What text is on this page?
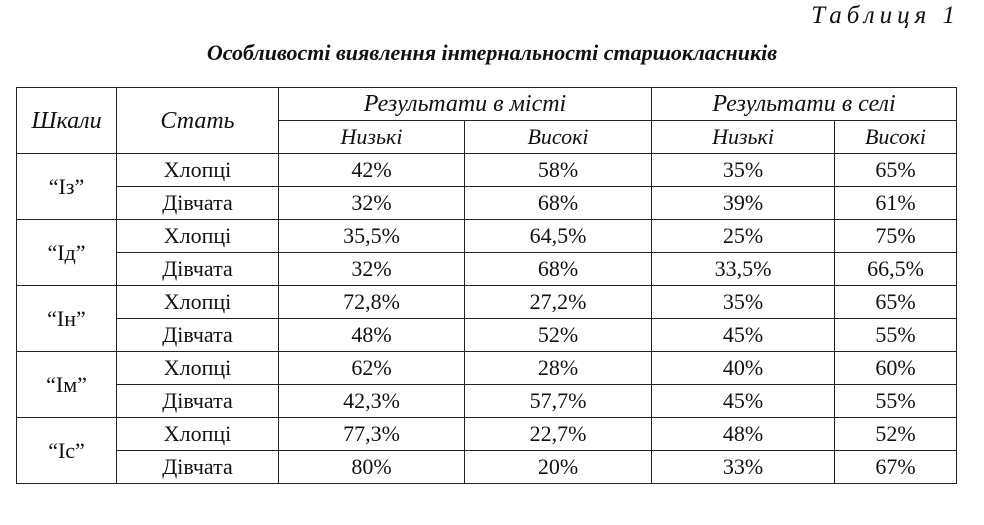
Таблиця 1
Особливості виявлення інтернальності старшокласників
Шкали	Стать	Результати в місті		Результати в селі	
		Низькі	Високі	Низькі	Високі
“Із”	Хлопці	42%	58%	35%	65%
	Дівчата	32%	68%	39%	61%
“Ід”	Хлопці	35,5%	64,5%	25%	75%
	Дівчата	32%	68%	33,5%	66,5%
“Ін”	Хлопці	72,8%	27,2%	35%	65%
	Дівчата	48%	52%	45%	55%
“Ім”	Хлопці	62%	28%	40%	60%
	Дівчата	42,3%	57,7%	45%	55%
“Іс”	Хлопці	77,3%	22,7%	48%	52%
	Дівчата	80%	20%	33%	67%
